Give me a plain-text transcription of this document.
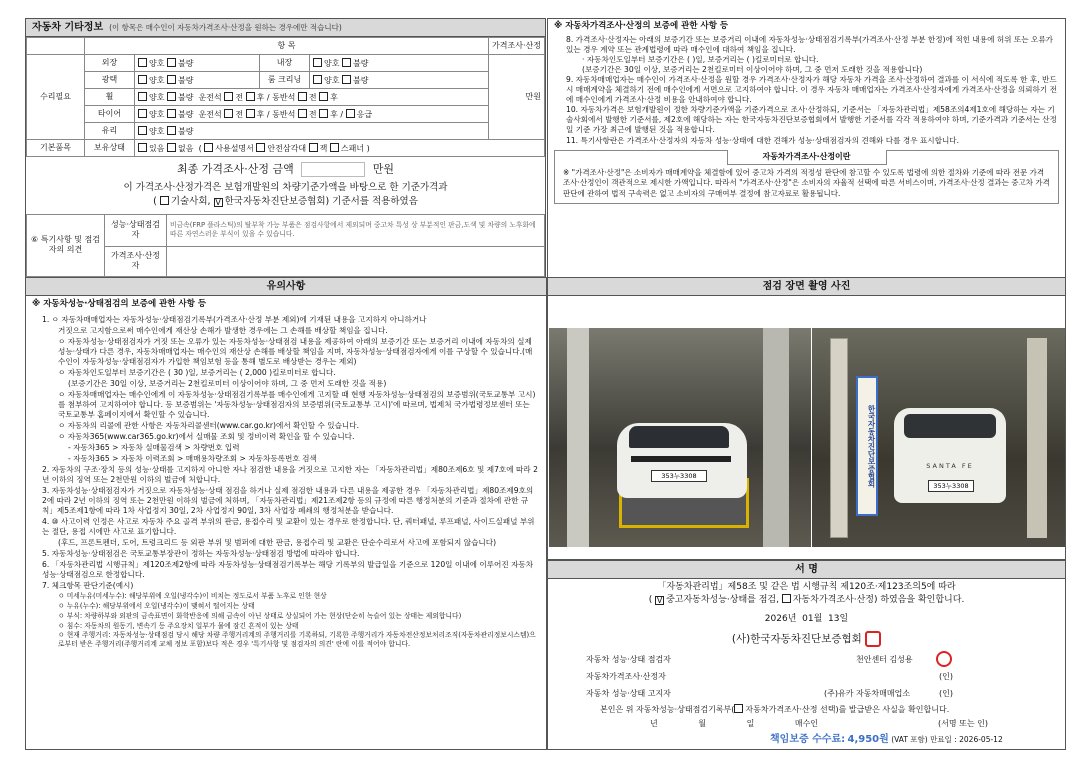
자동차 기타정보 (이 항목은 매수인이 자동차가격조사·산정을 원하는 경우에만 적습니다)
	항 목				가격조사·산정
수리필요	외장	양호 불량	내장	양호 불량	만원
	광택	양호 불량	룸 크리닝	양호 불량	
	휠	양호 불량 운전석 전 후 / 동반석 전 후			
	타이어	양호 불량 운전석 전 후 / 동반석 전 후 / 응급			
	유리	양호 불량			
기본품목	보유상태	있음 없음  ( 사용설명서 안전삼각대 잭 스패너 )			
최종 가격조사·산정 금액	만원
이 가격조사·산정가격은 보험개발원의 차량기준가액을 바탕으로 한 기준가격과
( 기술사회, V 한국자동차진단보증협회) 기준서를 적용하였음
⑥ 특기사항 및 점검자의 의견	성능·상태점검자	비금속(FRP 플라스틱)의 탈부착 가능 부품은 점검사항에서 제외되며 중고차 특성 상 부분적인 판금,도색 및 차량의 노후화에 따른 자연스러운 부식이 있을 수 있습니다.
	가격조사·산정자	
※ 자동차가격조사·산정의 보증에 관한 사항 등

8. 가격조사·산정자는 아래의 보증기간 또는 보증거리 이내에 자동차성능·상태점검기록부(가격조사·산정 부분 한정)에 적힌 내용에 허위 또는 오류가 있는 경우 계약 또는 관계법령에 따라 매수인에 대하여 책임을 집니다.

· 자동차인도일부터 보증기간은 ( )일, 보증거리는 ( )킬로미터로 합니다.

(보증기간은 30일 이상, 보증거리는 2천킬로미터 이상이어야 하며, 그 중 먼저 도래한 것을 적용합니다)

9. 자동차매매업자는 매수인이 가격조사·산정을 원할 경우 가격조사·산정자가 해당 자동차 가격을 조사·산정하여 결과를 이 서식에 적도록 한 후, 반드시 매매계약을 체결하기 전에 매수인에게 서면으로 고지하여야 합니다. 이 경우 자동차 매매업자는 가격조사·산정자에게 가격조사·산정을 의뢰하기 전에 매수인에게 가격조사·산정 비용을 안내하여야 합니다.

10. 자동차가격은 보험개발원이 정한 차량기준가액을 기준가격으로 조사·산정하되, 기준서는 「자동차관리법」제58조의4제1호에 해당하는 자는 기술사회에서 발행한 기준서를, 제2호에 해당하는 자는 한국자동차진단보증협회에서 발행한 기준서를 각각 적용하여야 하며, 기준가격과 기준서는 산정일 기준 가장 최근에 발행된 것을 적용합니다.

11. 특기사항란은 가격조사·산정자의 자동차 성능·상태에 대한 견해가 성능·상태점검자의 견해와 다를 경우 표시합니다.

자동차가격조사·산정이란
※ "가격조사·산정"은 소비자가 매매계약을 체결함에 있어 중고차 가격의 적정성 판단에 참고할 수 있도록 법령에 의한 절차와 기준에 따라 전문 가격조사·산정인이 객관적으로 제시한 가액입니다. 따라서 "가격조사·산정"은 소비자의 자율적 선택에 따른 서비스이며, 가격조사·산정 결과는 중고차 가격판단에 관하여 법적 구속력은 없고 소비자의 구매여부 결정에 참고자료로 활용됩니다.
유의사항
※ 자동차성능·상태점검의 보증에 관한 사항 등

1. ㅇ 자동차매매업자는 자동차성능·상태점검기록부(가격조사·산정 부분 제외)에 기재된 내용을 고지하지 아니하거나

거짓으로 고지함으로써 매수인에게 재산상 손해가 발생한 경우에는 그 손해를 배상할 책임을 집니다.

ㅇ 자동차성능·상태점검자가 거짓 또는 오류가 있는 자동차성능·상태점검 내용을 제공하여 아래의 보증기간 또는 보증거리 이내에 자동차의 실제 성능·상태가 다른 경우, 자동차매매업자는 매수인의 재산상 손해를 배상할 책임을 지며, 자동차성능·상태점검자에게 이를 구상할 수 있습니다.(매수인이 자동차성능·상태점검자가 가입한 책임보험 등을 통해 별도로 배상받는 경우는 제외)

ㅇ 자동차인도일부터 보증기간은 ( 30 )일, 보증거리는 ( 2,000 )킬로미터로 합니다.

(보증기간은 30일 이상, 보증거리는 2천킬로미터 이상이어야 하며, 그 중 먼저 도래한 것을 적용)

ㅇ 자동차매매업자는 매수인에게 이 자동차성능·상태점검기록부를 매수인에게 고지할 때 현행 자동차성능·상태점검의 보증범위(국토교통부 고시)를 첨부하여 고지하여야 합니다. 등 보증범위는 '자동차성능·상태점검자의 보증범위(국토교통부 고시)'에 따르며, 법제처 국가법령정보센터 또는 국토교통부 홈페이지에서 확인할 수 있습니다.

ㅇ 자동차의 리콜에 관한 사항은 자동차리콜센터(www.car.go.kr)에서 확인할 수 있습니다.

ㅇ 자동차365(www.car365.go.kr)에서 실매물 조회 및 정비이력 확인을 할 수 있습니다.

- 자동차365 > 자동차 실매물검색 > 차량번호 입력

- 자동차365 > 자동차 이력조회 > 매매용차량조회 > 자동차등록번호 검색

2. 자동차의 구조·장치 등의 성능·상태를 고지하지 아니한 자나 점검한 내용을 거짓으로 고지한 자는 「자동차관리법」제80조제6호 및 제7호에 따라 2년 이하의 징역 또는 2천만원 이하의 벌금에 처합니다.

3. 자동차성능·상태점검자가 거짓으로 자동차성능·상태 점검을 하거나 실제 점검한 내용과 다른 내용을 제공한 경우 「자동차관리법」제80조제9호의2에 따라 2년 이하의 징역 또는 2천만원 이하의 벌금에 처하며, 「자동차관리법」제21조제2항 등의 규정에 따른 행정처분의 기준과 절차에 관한 규칙」제5조제1항에 따라 1차 사업정지 30일, 2차 사업정지 90일, 3차 사업장 폐쇄의 행정처분을 받습니다.

4. ⑩ 사고이력 인정은 사고로 자동차 주요 골격 부위의 판금, 용접수리 및 교환이 있는 경우로 한정합니다. 단, 쿼터패널, 루프패널, 사이드실패널 부위는 절단, 용접 시에만 사고로 표기합니다.

(후드, 프론트펜더, 도어, 트렁크리드 등 외판 부위 및 범퍼에 대한 판금, 용접수리 및 교환은 단순수리로서 사고에 포함되지 않습니다)

5. 자동차성능·상태점검은 국토교통부장관이 정하는 자동차성능·상태점검 방법에 따라야 합니다.

6. 「자동차관리법 시행규칙」제120조제2항에 따라 자동차성능·상태점검기록부는 해당 기록부의 발급일을 기준으로 120일 이내에 이루어진 자동차 성능·상태점검으로 한정합니다.

7. 체크항목 판단기준(예시)

ㅇ 미세누유(미세누수): 해당부위에 오일(냉각수)이 비치는 정도로서 부품 노후로 인한 현상

ㅇ 누유(누수): 해당부위에서 오일(냉각수)이 맺혀서 떨어지는 상태

ㅇ 부식: 차량하부와 외판의 금속표면이 화학반응에 의해 금속이 아닌 상태로 상실되어 가는 현상(단순히 녹슬어 있는 상태는 제외합니다)

ㅇ 침수: 자동차의 원동기, 변속기 등 주요장치 일부가 물에 잠긴 흔적이 있는 상태

ㅇ 현재 주행거리: 자동차성능·상태점검 당시 해당 차량 주행거리계의 주행거리를 기록하되, 기록한 주행거리가 자동차전산정보처리조직(자동차관리정보시스템)으로부터 받은 주행거리(주행거리계 교체 정보 포함)보다 적은 경우 '특기사항 및 점검자의 의견' 란에 이를 적어야 합니다.

점검 장면 촬영 사진
353누3308	한국자동차진단보증협회	SANTA FE
353누3308
서 명
「자동차관리법」제58조 및 같은 법 시행규칙 제120조·제123조의5에 따라
( V 중고자동차성능·상태를 점검, 자동차가격조사·산정) 하였음을 확인합니다.
2026년 01월 13일
(사)한국자동차진단보증협회
자동차 성능·상태 점검자	천안센터 김성용
자동차가격조사·산정자	(인)
자동차 성능·상태 고지자	(주)유카 자동차매매업소	(인)
본인은 위 자동차성능·상태점검기록부( 자동차가격조사·산정 선택)를 발급받은 사실을 확인합니다.
년	월	일	매수인	(서명 또는 인)
책임보증 수수료: 4,950원 (VAT 포함) 만료일 : 2026-05-12
